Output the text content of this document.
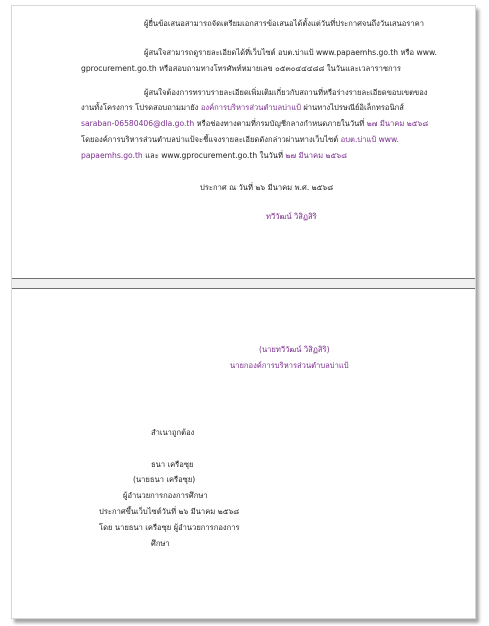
ผู้ยื่นข้อเสนอสามารถจัดเตรียมเอกสารข้อเสนอได้ตั้งแต่วันที่ประกาศจนถึงวันเสนอราคา
ผู้สนใจสามารถดูรายละเอียดได้ที่เว็บไซต์ อบต.บ่าแป้ www.papaemhs.go.th หรือ www.
gprocurement.go.th หรือสอบถามทางโทรศัพท์หมายเลข ๐๕๓๐๔๔๔๘๘ ในวันและเวลาราชการ
ผู้สนใจต้องการทราบรายละเอียดเพิ่มเติมเกี่ยวกับสถานที่หรือร่างรายละเอียดขอบเขตของ
งานทั้งโครงการ โปรดสอบถามมายัง องค์การบริหารส่วนตำบลบ่าแป้ ผ่านทางไปรษณีย์อิเล็กทรอนิกส์
saraban-06580406@dla.go.th หรือช่องทางตามที่กรมบัญชีกลางกำหนดภายในวันที่ ๒๗ มีนาคม ๒๕๖๘
โดยองค์การบริหารส่วนตำบลบ่าแป้จะชี้แจงรายละเอียดดังกล่าวผ่านทางเว็บไซต์ อบต.บ่าแป้ www.
papaemhs.go.th และ www.gprocurement.go.th ในวันที่ ๒๗ มีนาคม ๒๕๖๘
ประกาศ ณ วันที่ ๒๖ มีนาคม พ.ศ. ๒๕๖๘
ทวีวัฒน์ วิสิฏสิริ
(นายทวีวัฒน์ วิสิฏสิริ)
นายกองค์การบริหารส่วนตำบลบ่าแป้
สำเนาถูกต้อง
ธนา เครือซุย
(นายธนา เครือซุย)
ผู้อำนวยการกองการศึกษา
ประกาศขึ้นเว็บไซต์วันที่ ๒๖ มีนาคม ๒๕๖๘
โดย นายธนา เครือซุย ผู้อำนวยการกองการ
ศึกษา
